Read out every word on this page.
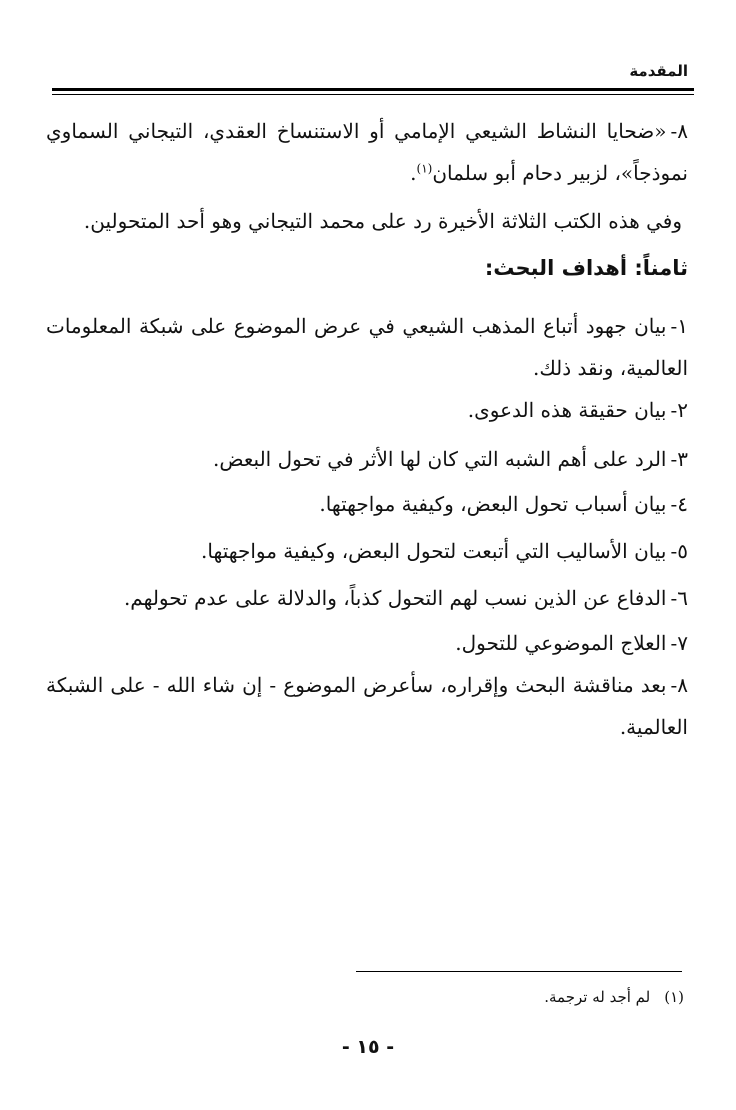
المقدمة

٨-«ضحايا النشاط الشيعي الإمامي أو الاستنساخ العقدي، التيجاني السماوي نموذجاً»، لزبير دحام أبو سلمان$^{(١)}$.

وفي هذه الكتب الثلاثة الأخيرة رد على محمد التيجاني وهو أحد المتحولين.

ثامناً: أهداف البحث:

١-بيان جهود أتباع المذهب الشيعي في عرض الموضوع على شبكة المعلومات العالمية، ونقد ذلك.

٢-بيان حقيقة هذه الدعوى.

٣-الرد على أهم الشبه التي كان لها الأثر في تحول البعض.

٤-بيان أسباب تحول البعض، وكيفية مواجهتها.

٥-بيان الأساليب التي أتبعت لتحول البعض، وكيفية مواجهتها.

٦-الدفاع عن الذين نسب لهم التحول كذباً، والدلالة على عدم تحولهم.

٧-العلاج الموضوعي للتحول.

٨-بعد مناقشة البحث وإقراره، سأعرض الموضوع - إن شاء الله - على الشبكة العالمية.

(١)لم أجد له ترجمة.
- ١٥ -
